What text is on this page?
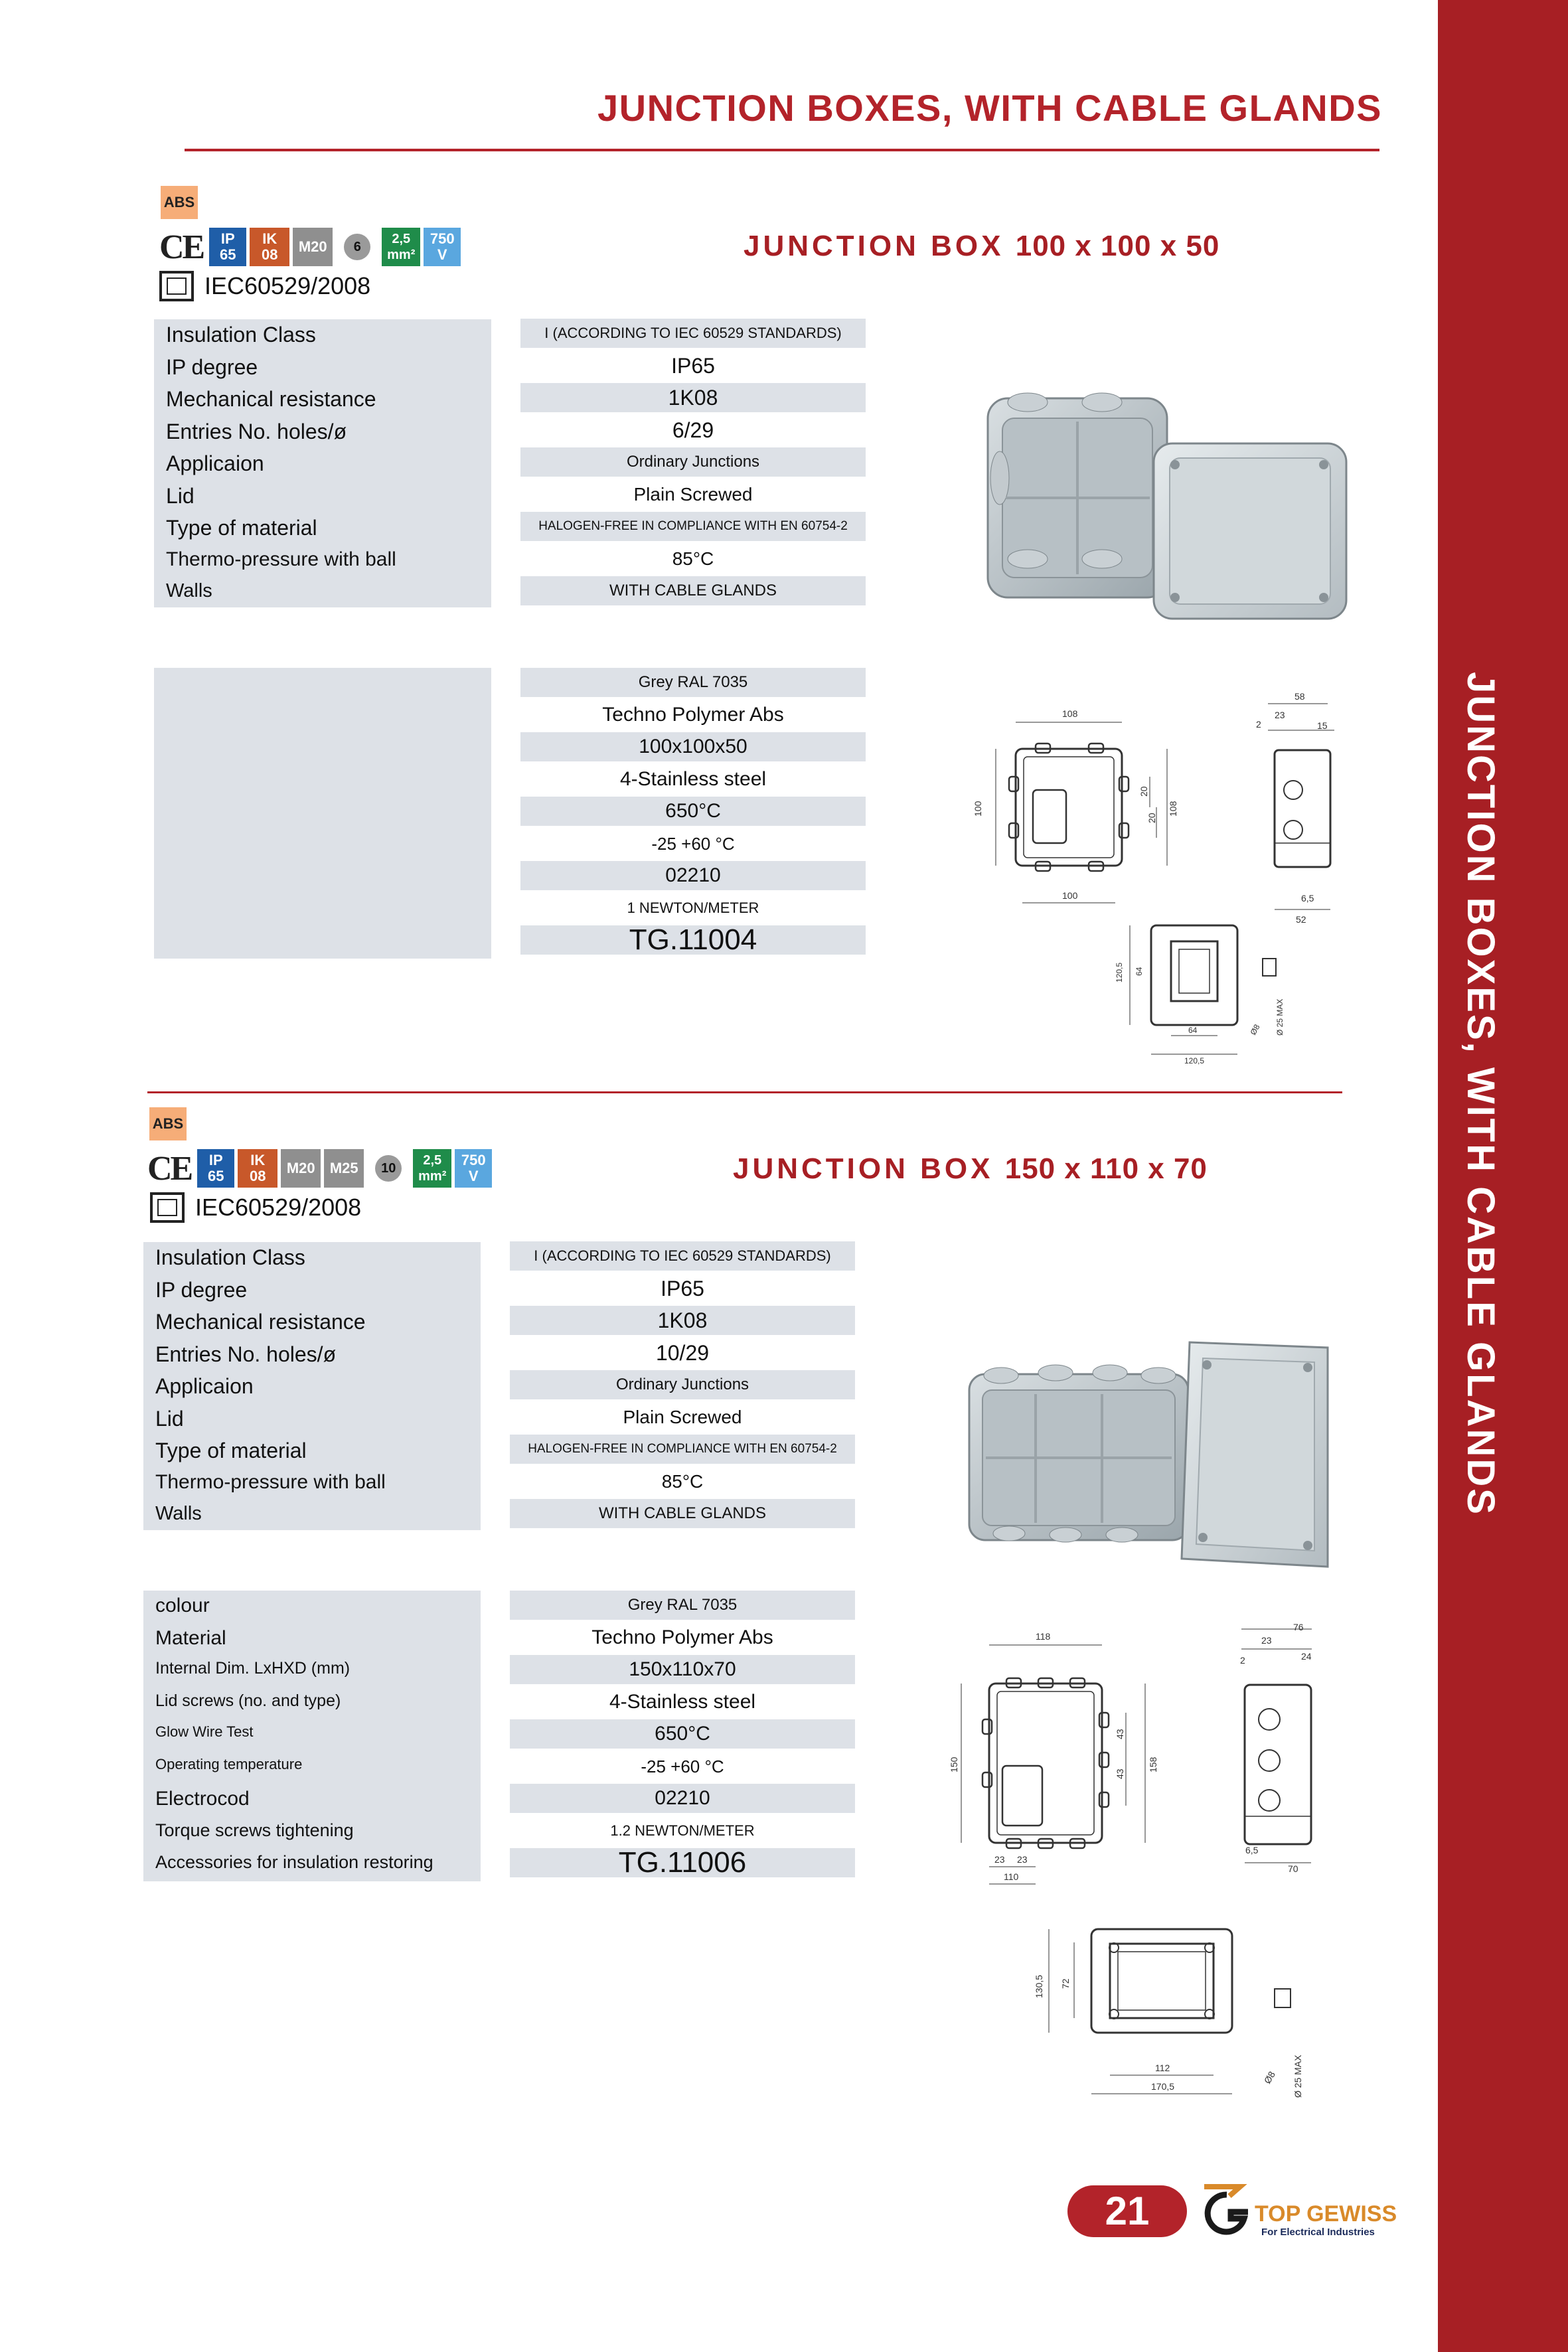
JUNCTION BOXES, WITH CABLE GLANDS
JUNCTION BOXES, WITH CABLE GLANDS
ABS
CE	IP
65
IK
08	M20	6
2,5
mm²
750
V
IEC60529/2008
JUNCTION BOX 100 x 100 x 50
Insulation Class	I (ACCORDING TO IEC 60529 STANDARDS)
IP degree	IP65
Mechanical resistance	1K08
Entries No. holes/ø	6/29
Applicaion	Ordinary Junctions
Lid	Plain Screwed
Type of material	HALOGEN-FREE IN COMPLIANCE WITH EN 60754-2
Thermo-pressure with ball	85°C
Walls	WITH CABLE GLANDS
Grey RAL 7035
Techno Polymer Abs
100x100x50
4-Stainless steel
650°C
-25 +60 °C
02210
1 NEWTON/METER
TG.11004
108
100
100
20
20
108
58
23
15
2
6,5
52
120,5 64
64
120,5
Ø 25 MAX
Ø8
ABS
CE	IP
65
IK
08	M20	M25	10
2,5
mm²
750
V
IEC60529/2008
JUNCTION BOX 150 x 110 x 70
Insulation Class	I (ACCORDING TO IEC 60529 STANDARDS)
IP degree	IP65
Mechanical resistance	1K08
Entries No. holes/ø	10/29
Applicaion	Ordinary Junctions
Lid	Plain Screwed
Type of material	HALOGEN-FREE IN COMPLIANCE WITH EN 60754-2
Thermo-pressure with ball	85°C
Walls	WITH CABLE GLANDS
colour	Grey RAL 7035
Material	Techno Polymer Abs
Internal Dim. LxHXD (mm)	150x110x70
Lid screws (no. and type)	4-Stainless steel
Glow Wire Test	650°C
Operating temperature	-25 +60 °C
Electrocod	02210
Torque screws tightening	1.2 NEWTON/METER
Accessories for insulation restoring	TG.11006
118
150
23 23
110
43
43
158
76
23
24
2
6,5
70
130,5 72
112
170,5	Ø 25 MAX
Ø8
21	TOP GEWISS
For Electrical Industries
